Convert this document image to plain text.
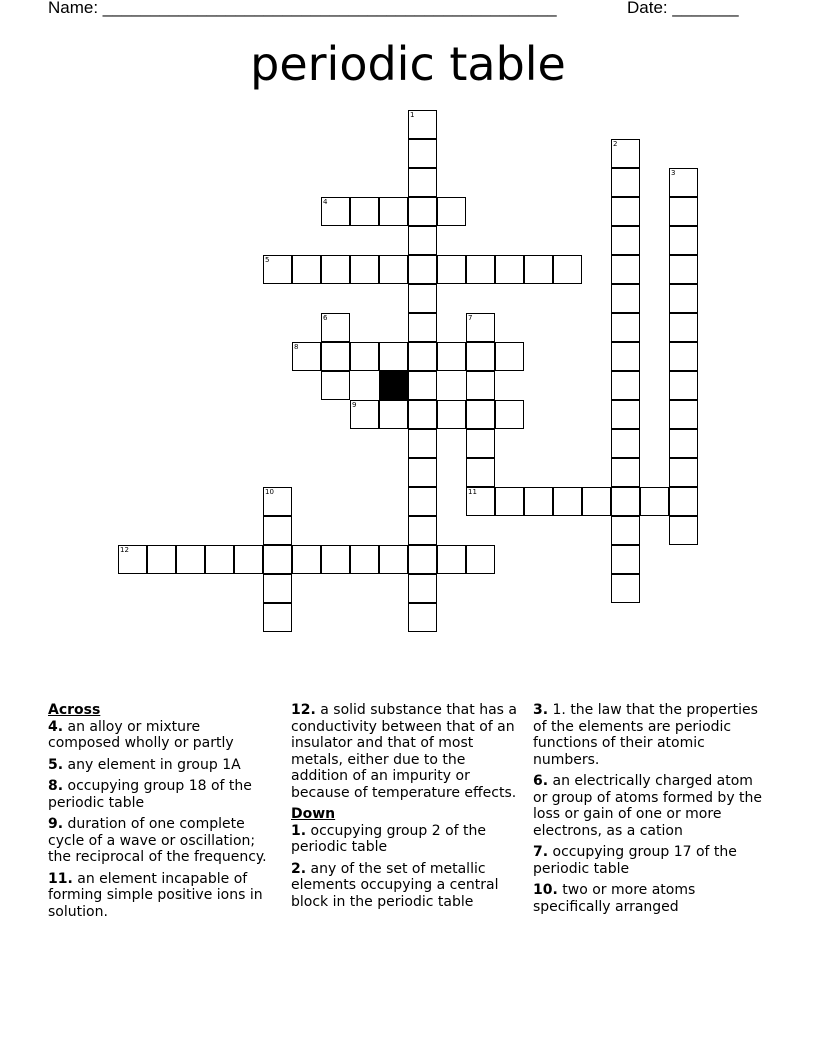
Name: ________________________________________________	Date: _______
periodic table
1
2
3
4
5
6	7
8
9
10	11
12
Across
4. an alloy or mixture composed wholly or partly
5. any element in group 1A
8. occupying group 18 of the periodic table
9. duration of one complete cycle of a wave or oscillation; the reciprocal of the frequency.
11. an element incapable of forming simple positive ions in solution.
12. a solid substance that has a conductivity between that of an insulator and that of most metals, either due to the addition of an impurity or because of temperature effects.
Down
1. occupying group 2 of the periodic table
2. any of the set of metallic elements occupying a central block in the periodic table
3. 1. the law that the properties of the elements are periodic functions of their atomic numbers.
6. an electrically charged atom or group of atoms formed by the loss or gain of one or more electrons, as a cation
7. occupying group 17 of the periodic table
10. two or more atoms specifically arranged
